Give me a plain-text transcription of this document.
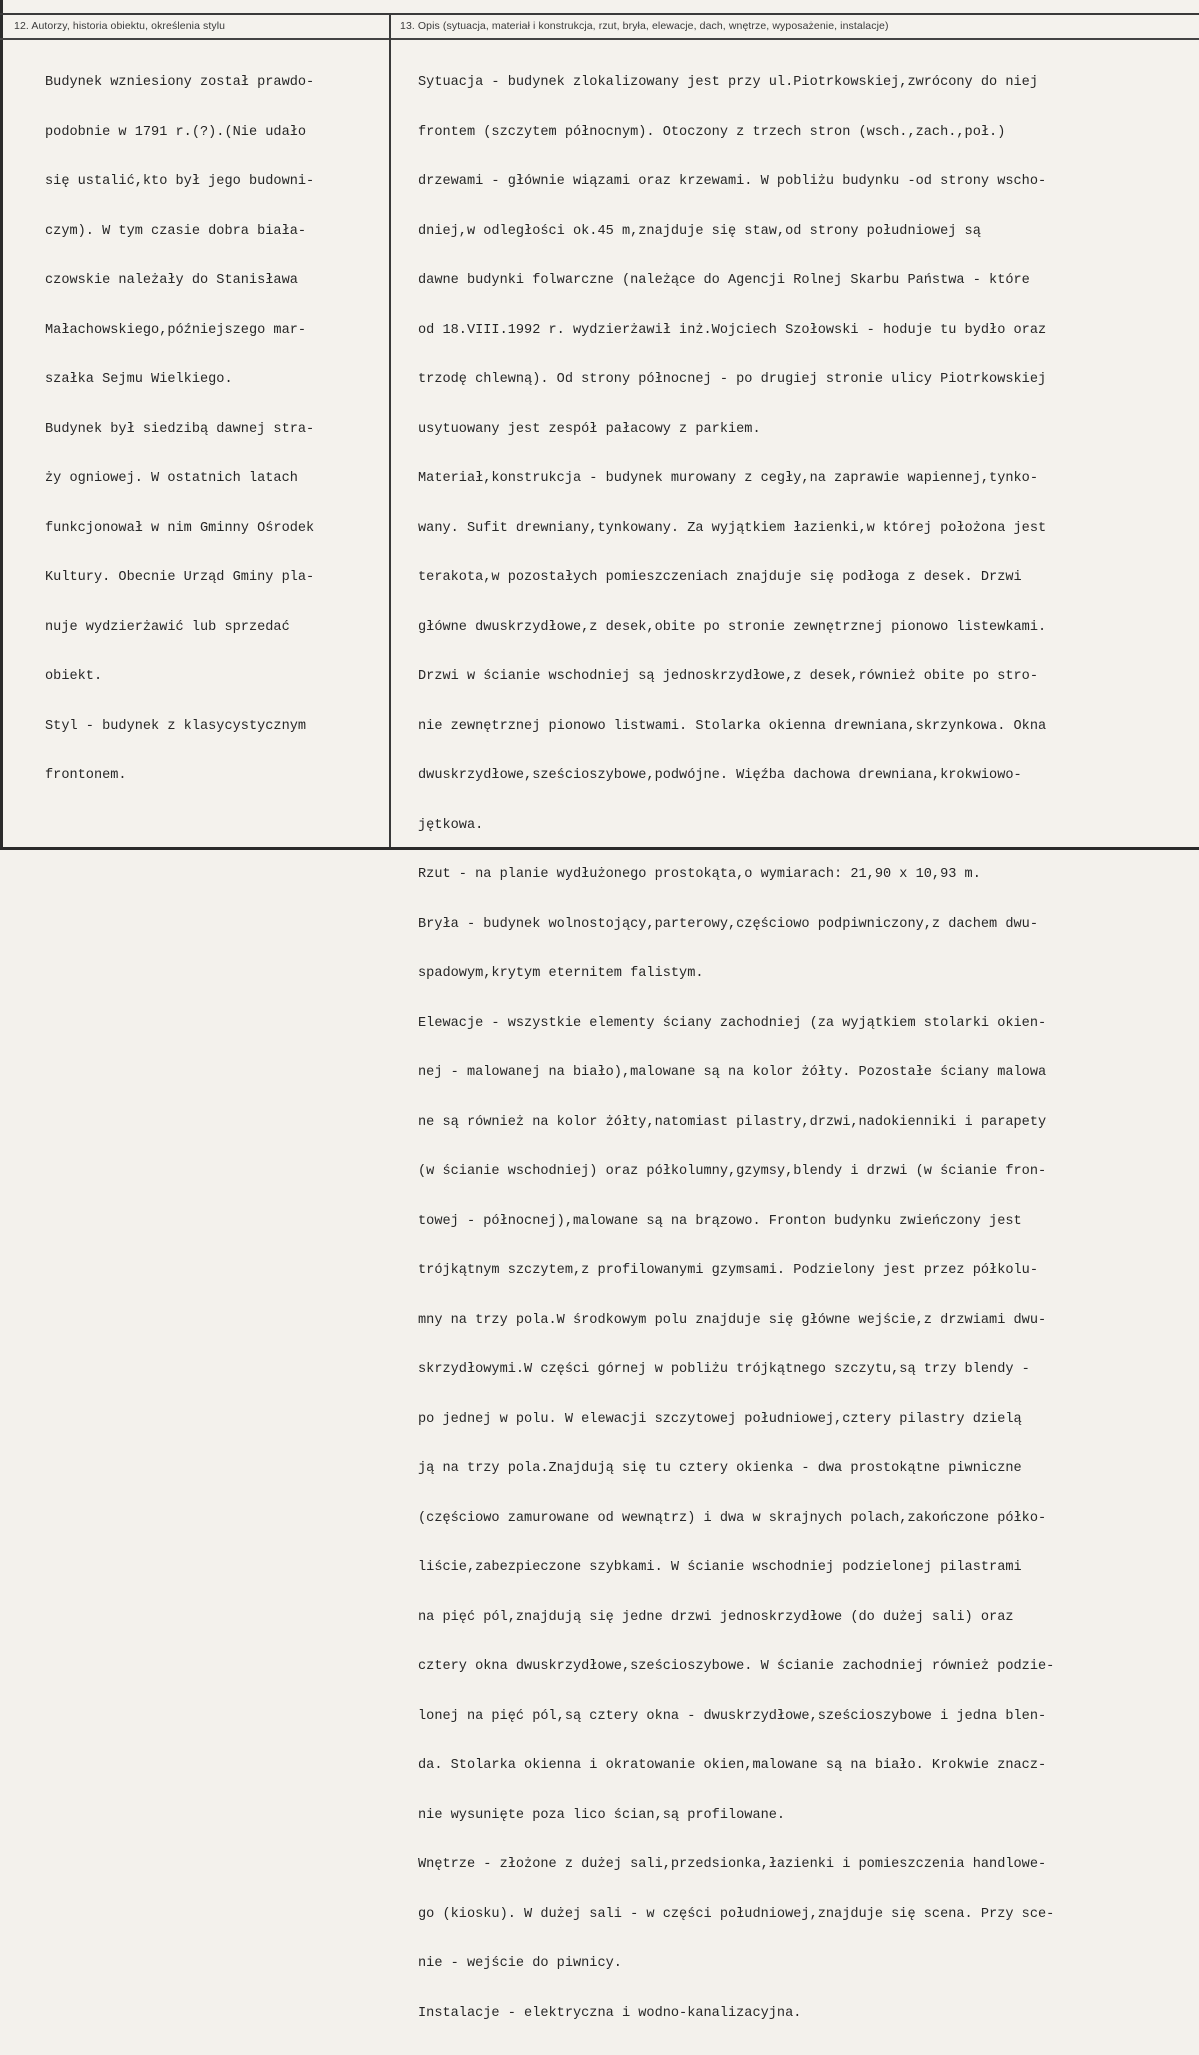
12. Autorzy, historia obiektu, określenia stylu	13. Opis (sytuacja, materiał i konstrukcja, rzut, bryła, elewacje, dach, wnętrze, wyposażenie, instalacje)

Budynek wzniesiony został prawdo-

podobnie w 1791 r.(?).(Nie udało

się ustalić,kto był jego budowni-

czym). W tym czasie dobra biała-

czowskie należały do Stanisława

Małachowskiego,późniejszego mar-

szałka Sejmu Wielkiego.

Budynek był siedzibą dawnej stra-

ży ogniowej. W ostatnich latach

funkcjonował w nim Gminny Ośrodek

Kultury. Obecnie Urząd Gminy pla-

nuje wydzierżawić lub sprzedać

obiekt.

Styl - budynek z klasycystycznym

frontonem.

Sytuacja - budynek zlokalizowany jest przy ul.Piotrkowskiej,zwrócony do niej

frontem (szczytem północnym). Otoczony z trzech stron (wsch.,zach.,poł.)

drzewami - głównie wiązami oraz krzewami. W pobliżu budynku -od strony wscho-

dniej,w odległości ok.45 m,znajduje się staw,od strony południowej są

dawne budynki folwarczne (należące do Agencji Rolnej Skarbu Państwa - które

od 18.VIII.1992 r. wydzierżawił inż.Wojciech Szołowski - hoduje tu bydło oraz

trzodę chlewną). Od strony północnej - po drugiej stronie ulicy Piotrkowskiej

usytuowany jest zespół pałacowy z parkiem.

Materiał,konstrukcja - budynek murowany z cegły,na zaprawie wapiennej,tynko-

wany. Sufit drewniany,tynkowany. Za wyjątkiem łazienki,w której położona jest

terakota,w pozostałych pomieszczeniach znajduje się podłoga z desek. Drzwi

główne dwuskrzydłowe,z desek,obite po stronie zewnętrznej pionowo listewkami.

Drzwi w ścianie wschodniej są jednoskrzydłowe,z desek,również obite po stro-

nie zewnętrznej pionowo listwami. Stolarka okienna drewniana,skrzynkowa. Okna

dwuskrzydłowe,sześcioszybowe,podwójne. Więźba dachowa drewniana,krokwiowo-

jętkowa.

Rzut - na planie wydłużonego prostokąta,o wymiarach: 21,90 x 10,93 m.

Bryła - budynek wolnostojący,parterowy,częściowo podpiwniczony,z dachem dwu-

spadowym,krytym eternitem falistym.

Elewacje - wszystkie elementy ściany zachodniej (za wyjątkiem stolarki okien-

nej - malowanej na biało),malowane są na kolor żółty. Pozostałe ściany malowa

ne są również na kolor żółty,natomiast pilastry,drzwi,nadokienniki i parapety

(w ścianie wschodniej) oraz półkolumny,gzymsy,blendy i drzwi (w ścianie fron-

towej - północnej),malowane są na brązowo. Fronton budynku zwieńczony jest

trójkątnym szczytem,z profilowanymi gzymsami. Podzielony jest przez półkolu-

mny na trzy pola.W środkowym polu znajduje się główne wejście,z drzwiami dwu-

skrzydłowymi.W części górnej w pobliżu trójkątnego szczytu,są trzy blendy -

po jednej w polu. W elewacji szczytowej południowej,cztery pilastry dzielą

ją na trzy pola.Znajdują się tu cztery okienka - dwa prostokątne piwniczne

(częściowo zamurowane od wewnątrz) i dwa w skrajnych polach,zakończone półko-

liście,zabezpieczone szybkami. W ścianie wschodniej podzielonej pilastrami

na pięć pól,znajdują się jedne drzwi jednoskrzydłowe (do dużej sali) oraz

cztery okna dwuskrzydłowe,sześcioszybowe. W ścianie zachodniej również podzie-

lonej na pięć pól,są cztery okna - dwuskrzydłowe,sześcioszybowe i jedna blen-

da. Stolarka okienna i okratowanie okien,malowane są na biało. Krokwie znacz-

nie wysunięte poza lico ścian,są profilowane.

Wnętrze - złożone z dużej sali,przedsionka,łazienki i pomieszczenia handlowe-

go (kiosku). W dużej sali - w części południowej,znajduje się scena. Przy sce-

nie - wejście do piwnicy.

Instalacje - elektryczna i wodno-kanalizacyjna.
